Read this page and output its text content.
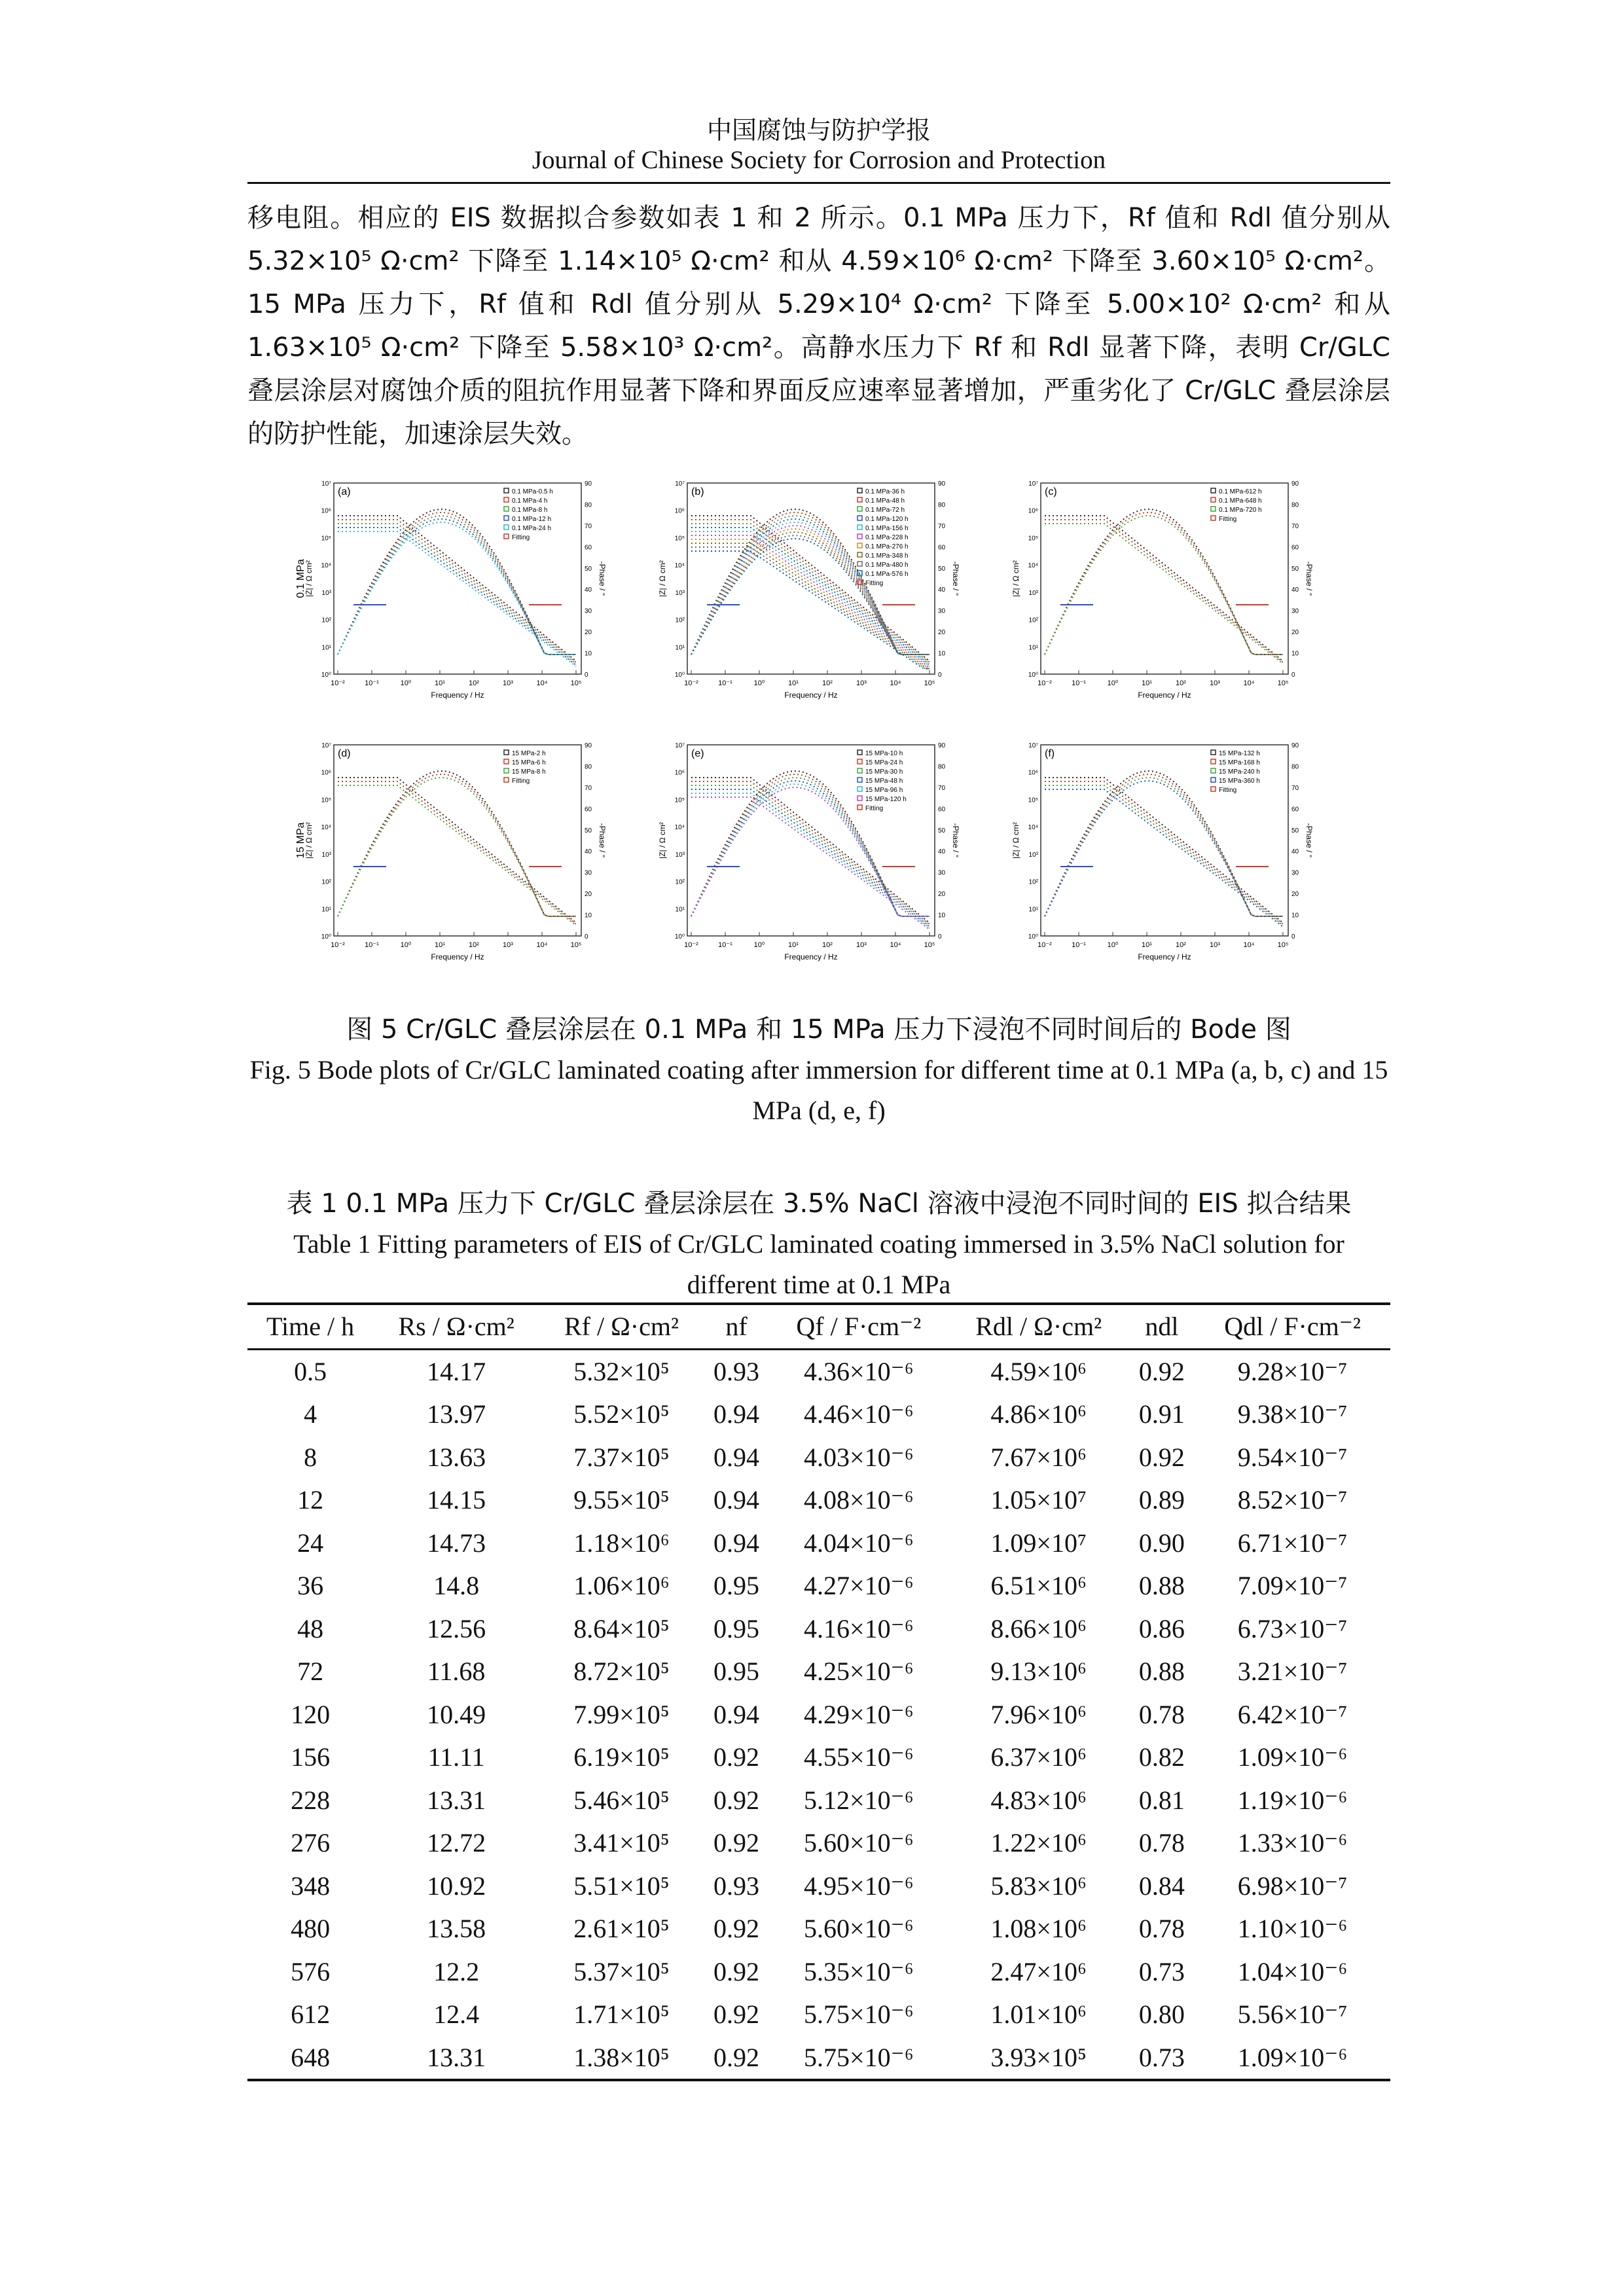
中国腐蚀与防护学报
Journal of Chinese Society for Corrosion and Protection

移电阻。相应的 EIS 数据拟合参数如表 1 和 2 所示。0.1 MPa 压力下，Rf 值和 Rdl 值分别从 5.32×10⁵ Ω·cm² 下降至 1.14×10⁵ Ω·cm² 和从 4.59×10⁶ Ω·cm² 下降至 3.60×10⁵ Ω·cm²。15 MPa 压力下，Rf 值和 Rdl 值分别从 5.29×10⁴ Ω·cm² 下降至 5.00×10² Ω·cm² 和从 1.63×10⁵ Ω·cm² 下降至 5.58×10³ Ω·cm²。高静水压力下 Rf 和 Rdl 显著下降，表明 Cr/GLC 叠层涂层对腐蚀介质的阻抗作用显著下降和界面反应速率显著增加，严重劣化了 Cr/GLC 叠层涂层的防护性能，加速涂层失效。

10⁻²	10⁻¹	10⁰	10¹	10²	10³	10⁴	10⁵
Frequency / Hz
|Z| / Ω cm²	-Phase / °
0
10
20
30
40
50
60
70
80
90
10⁰
10¹
10²
10³
10⁴
10⁵
10⁶
10⁷
(a)
0.1 MPa
0.1 MPa-0.5 h
0.1 MPa-4 h
0.1 MPa-8 h
0.1 MPa-12 h
0.1 MPa-24 h
Fitting
10⁻²	10⁻¹	10⁰	10¹	10²	10³	10⁴	10⁵
Frequency / Hz
|Z| / Ω cm²	-Phase / °
0
10
20
30
40
50
60
70
80
90
10⁰
10¹
10²
10³
10⁴
10⁵
10⁶
10⁷
(b)	0.1 MPa-36 h
0.1 MPa-48 h
0.1 MPa-72 h
0.1 MPa-120 h
0.1 MPa-156 h
0.1 MPa-228 h
0.1 MPa-276 h
0.1 MPa-348 h
0.1 MPa-480 h
0.1 MPa-576 h
Fitting
10⁻²	10⁻¹	10⁰	10¹	10²	10³	10⁴	10⁵
Frequency / Hz
|Z| / Ω cm²	-Phase / °
0
10
20
30
40
50
60
70
80
90
10⁰
10¹
10²
10³
10⁴
10⁵
10⁶
10⁷
(c)	0.1 MPa-612 h
0.1 MPa-648 h
0.1 MPa-720 h
Fitting
10⁻²	10⁻¹	10⁰	10¹	10²	10³	10⁴	10⁵
Frequency / Hz
|Z| / Ω cm²	-Phase / °
0
10
20
30
40
50
60
70
80
90
10⁰
10¹
10²
10³
10⁴
10⁵
10⁶
10⁷
(d)
15 MPa
15 MPa-2 h
15 MPa-6 h
15 MPa-8 h
Fitting
10⁻²	10⁻¹	10⁰	10¹	10²	10³	10⁴	10⁵
Frequency / Hz
|Z| / Ω cm²	-Phase / °
0
10
20
30
40
50
60
70
80
90
10⁰
10¹
10²
10³
10⁴
10⁵
10⁶
10⁷
(e)	15 MPa-10 h
15 MPa-24 h
15 MPa-30 h
15 MPa-48 h
15 MPa-96 h
15 MPa-120 h
Fitting
10⁻²	10⁻¹	10⁰	10¹	10²	10³	10⁴	10⁵
Frequency / Hz
|Z| / Ω cm²	-Phase / °
0
10
20
30
40
50
60
70
80
90
10⁰
10¹
10²
10³
10⁴
10⁵
10⁶
10⁷
(f)	15 MPa-132 h
15 MPa-168 h
15 MPa-240 h
15 MPa-360 h
Fitting
图 5 Cr/GLC 叠层涂层在 0.1 MPa 和 15 MPa 压力下浸泡不同时间后的 Bode 图
Fig. 5 Bode plots of Cr/GLC laminated coating after immersion for different time at 0.1 MPa (a, b, c) and 15 MPa (d, e, f)
表 1 0.1 MPa 压力下 Cr/GLC 叠层涂层在 3.5% NaCl 溶液中浸泡不同时间的 EIS 拟合结果
Table 1 Fitting parameters of EIS of Cr/GLC laminated coating immersed in 3.5% NaCl solution for different time at 0.1 MPa
Time / h	Rs / Ω·cm²	Rf / Ω·cm²	nf	Qf / F·cm⁻²	Rdl / Ω·cm²	ndl	Qdl / F·cm⁻²
0.5	14.17	5.32×10⁵	0.93	4.36×10⁻⁶	4.59×10⁶	0.92	9.28×10⁻⁷
4	13.97	5.52×10⁵	0.94	4.46×10⁻⁶	4.86×10⁶	0.91	9.38×10⁻⁷
8	13.63	7.37×10⁵	0.94	4.03×10⁻⁶	7.67×10⁶	0.92	9.54×10⁻⁷
12	14.15	9.55×10⁵	0.94	4.08×10⁻⁶	1.05×10⁷	0.89	8.52×10⁻⁷
24	14.73	1.18×10⁶	0.94	4.04×10⁻⁶	1.09×10⁷	0.90	6.71×10⁻⁷
36	14.8	1.06×10⁶	0.95	4.27×10⁻⁶	6.51×10⁶	0.88	7.09×10⁻⁷
48	12.56	8.64×10⁵	0.95	4.16×10⁻⁶	8.66×10⁶	0.86	6.73×10⁻⁷
72	11.68	8.72×10⁵	0.95	4.25×10⁻⁶	9.13×10⁶	0.88	3.21×10⁻⁷
120	10.49	7.99×10⁵	0.94	4.29×10⁻⁶	7.96×10⁶	0.78	6.42×10⁻⁷
156	11.11	6.19×10⁵	0.92	4.55×10⁻⁶	6.37×10⁶	0.82	1.09×10⁻⁶
228	13.31	5.46×10⁵	0.92	5.12×10⁻⁶	4.83×10⁶	0.81	1.19×10⁻⁶
276	12.72	3.41×10⁵	0.92	5.60×10⁻⁶	1.22×10⁶	0.78	1.33×10⁻⁶
348	10.92	5.51×10⁵	0.93	4.95×10⁻⁶	5.83×10⁶	0.84	6.98×10⁻⁷
480	13.58	2.61×10⁵	0.92	5.60×10⁻⁶	1.08×10⁶	0.78	1.10×10⁻⁶
576	12.2	5.37×10⁵	0.92	5.35×10⁻⁶	2.47×10⁶	0.73	1.04×10⁻⁶
612	12.4	1.71×10⁵	0.92	5.75×10⁻⁶	1.01×10⁶	0.80	5.56×10⁻⁷
648	13.31	1.38×10⁵	0.92	5.75×10⁻⁶	3.93×10⁵	0.73	1.09×10⁻⁶
